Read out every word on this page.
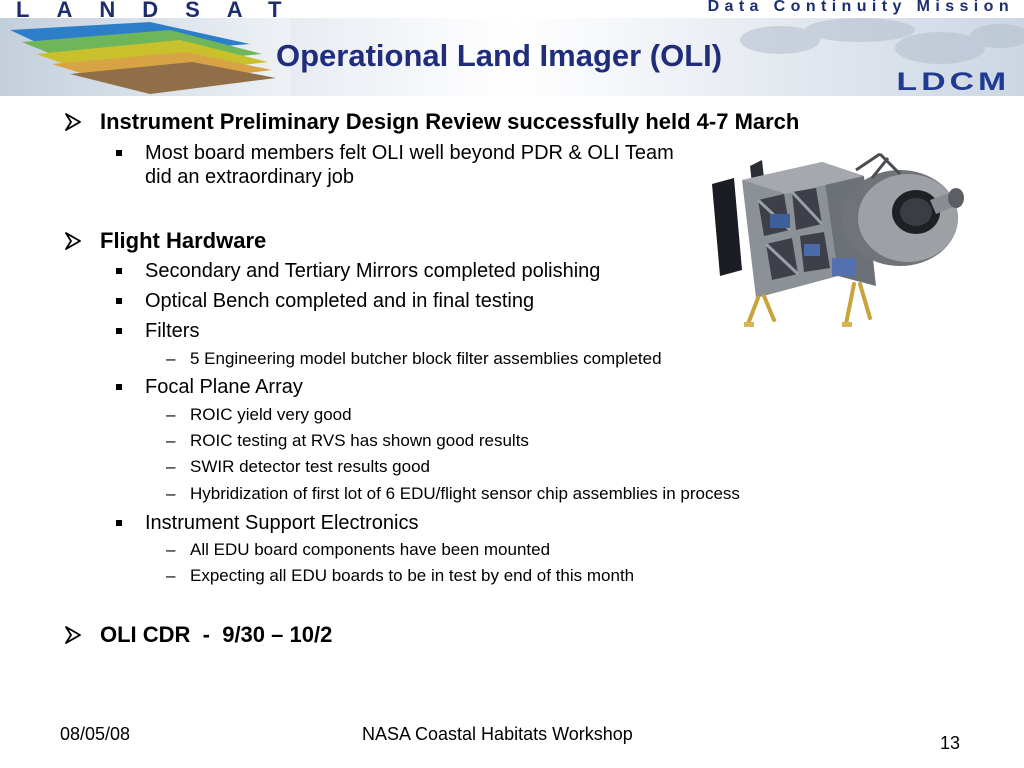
LANDSAT	Data Continuity Mission
Operational Land Imager (OLI)
LDCM
Instrument Preliminary Design Review successfully held 4-7 March
Most board members felt OLI well beyond PDR & OLI Team
did an extraordinary job
Flight Hardware
Secondary and Tertiary Mirrors completed polishing
Optical Bench completed and in final testing
Filters
– 5 Engineering model butcher block filter assemblies completed
Focal Plane Array
– ROIC yield very good
– ROIC testing at RVS has shown good results
– SWIR detector test results good
– Hybridization of first lot of 6 EDU/flight sensor chip assemblies in process
Instrument Support Electronics
– All EDU board components have been mounted
– Expecting all EDU boards to be in test by end of this month
OLI CDR  -  9/30 – 10/2
08/05/08	NASA Coastal Habitats Workshop	13
